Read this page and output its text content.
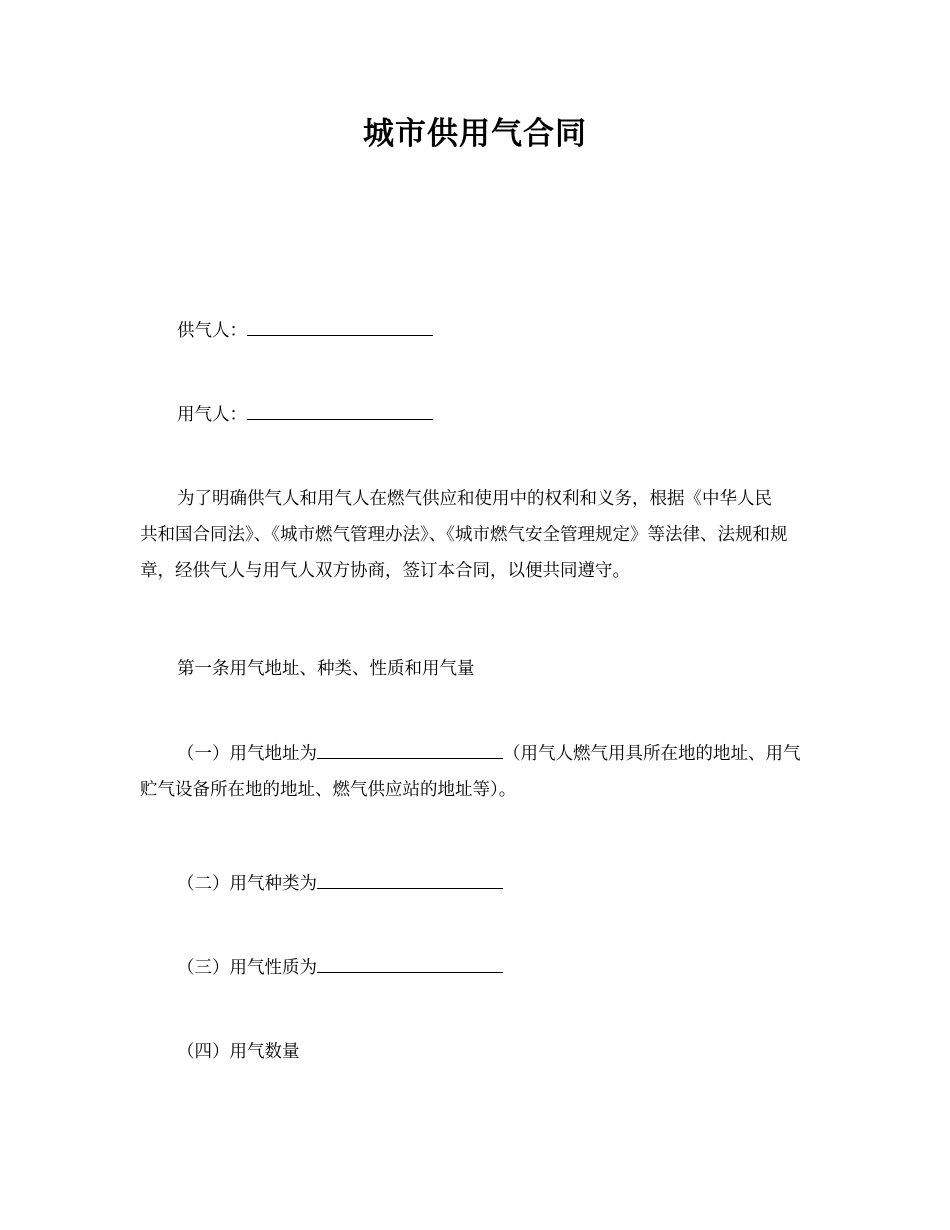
城市供用气合同
供气人：
用气人：
为了明确供气人和用气人在燃气供应和使用中的权利和义务，根据《中华人民
共和国合同法》、《城市燃气管理办法》、《城市燃气安全管理规定》等法律、法规和规
章，经供气人与用气人双方协商，签订本合同，以便共同遵守。
第一条用气地址、种类、性质和用气量
（一）用气地址为	（用气人燃气用具所在地的地址、用气
贮气设备所在地的地址、燃气供应站的地址等）。
（二）用气种类为
（三）用气性质为
（四）用气数量
